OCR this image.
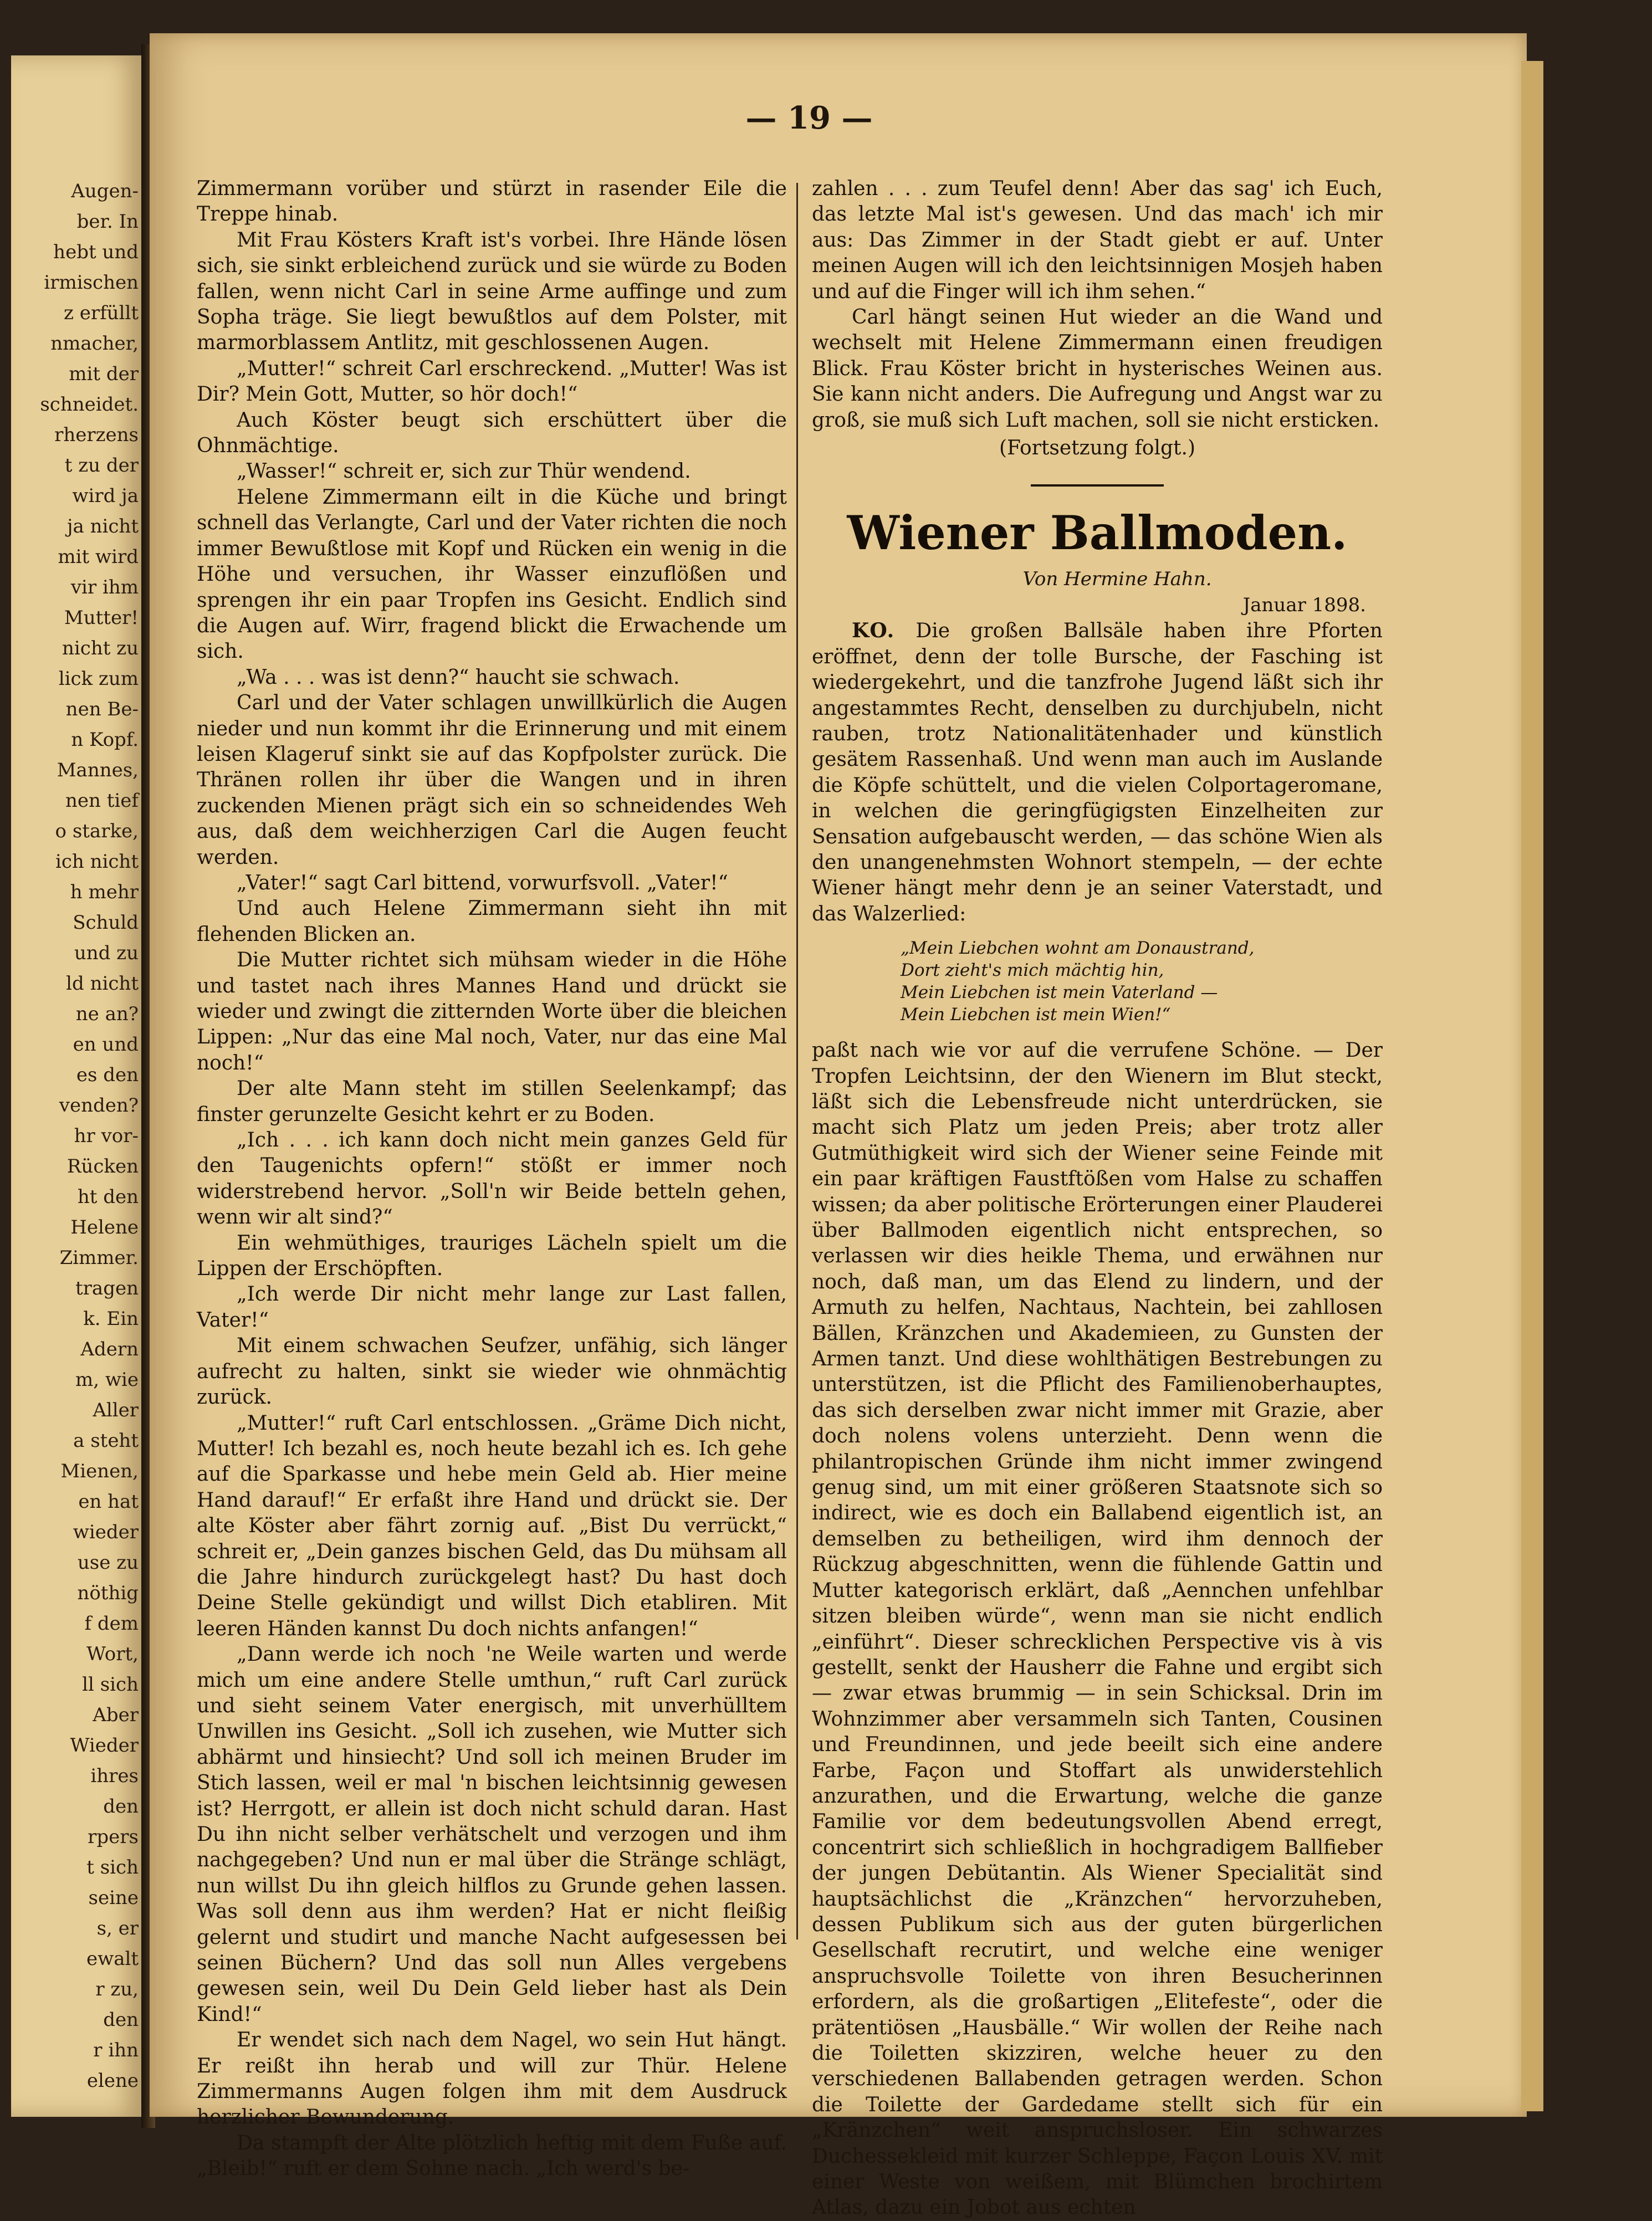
Augen-
ber. In
hebt und
irmischen
z erfüllt
nmacher,
mit der
schneidet.
rherzens
t zu der
wird ja
ja nicht
mit wird
vir ihm
Mutter!
nicht zu
lick zum
nen Be-
n Kopf.
Mannes,
nen tief
o starke,
ich nicht
h mehr
Schuld
und zu
ld nicht
ne an?
en und
es den
venden?
hr vor-
Rücken
ht den
Helene
Zimmer.
tragen
k. Ein
Adern
m, wie
Aller
a steht
Mienen,
en hat
wieder
use zu
nöthig
f dem
Wort,
ll sich
Aber
Wieder
ihres
den
rpers
t sich
seine
s, er
ewalt
r zu,
den
r ihn
elene
— 19 —

Zimmermann vorüber und stürzt in rasender Eile die Treppe hinab.

Mit Frau Kösters Kraft ist's vorbei. Ihre Hände lösen sich, sie sinkt erbleichend zurück und sie würde zu Boden fallen, wenn nicht Carl in seine Arme auffinge und zum Sopha träge. Sie liegt bewußtlos auf dem Polster, mit marmorblassem Antlitz, mit geschlossenen Augen.

„Mutter!“ schreit Carl erschreckend. „Mutter! Was ist Dir? Mein Gott, Mutter, so hör doch!“

Auch Köster beugt sich erschüttert über die Ohnmächtige.

„Wasser!“ schreit er, sich zur Thür wendend.

Helene Zimmermann eilt in die Küche und bringt schnell das Verlangte, Carl und der Vater richten die noch immer Bewußtlose mit Kopf und Rücken ein wenig in die Höhe und versuchen, ihr Wasser einzuflößen und sprengen ihr ein paar Tropfen ins Gesicht. Endlich sind die Augen auf. Wirr, fragend blickt die Erwachende um sich.

„Wa . . . was ist denn?“ haucht sie schwach.

Carl und der Vater schlagen unwillkürlich die Augen nieder und nun kommt ihr die Erinnerung und mit einem leisen Klageruf sinkt sie auf das Kopfpolster zurück. Die Thränen rollen ihr über die Wangen und in ihren zuckenden Mienen prägt sich ein so schneidendes Weh aus, daß dem weichherzigen Carl die Augen feucht werden.

„Vater!“ sagt Carl bittend, vorwurfsvoll. „Vater!“

Und auch Helene Zimmermann sieht ihn mit flehenden Blicken an.

Die Mutter richtet sich mühsam wieder in die Höhe und tastet nach ihres Mannes Hand und drückt sie wieder und zwingt die zitternden Worte über die bleichen Lippen: „Nur das eine Mal noch, Vater, nur das eine Mal noch!“

Der alte Mann steht im stillen Seelenkampf; das finster gerunzelte Gesicht kehrt er zu Boden.

„Ich . . . ich kann doch nicht mein ganzes Geld für den Taugenichts opfern!“ stößt er immer noch widerstrebend hervor. „Soll'n wir Beide betteln gehen, wenn wir alt sind?“

Ein wehmüthiges, trauriges Lächeln spielt um die Lippen der Erschöpften.

„Ich werde Dir nicht mehr lange zur Last fallen, Vater!“

Mit einem schwachen Seufzer, unfähig, sich länger aufrecht zu halten, sinkt sie wieder wie ohnmächtig zurück.

„Mutter!“ ruft Carl entschlossen. „Gräme Dich nicht, Mutter! Ich bezahl es, noch heute bezahl ich es. Ich gehe auf die Sparkasse und hebe mein Geld ab. Hier meine Hand darauf!“ Er erfaßt ihre Hand und drückt sie. Der alte Köster aber fährt zornig auf. „Bist Du verrückt,“ schreit er, „Dein ganzes bischen Geld, das Du mühsam all die Jahre hindurch zurückgelegt hast? Du hast doch Deine Stelle gekündigt und willst Dich etabliren. Mit leeren Händen kannst Du doch nichts anfangen!“

„Dann werde ich noch 'ne Weile warten und werde mich um eine andere Stelle umthun,“ ruft Carl zurück und sieht seinem Vater energisch, mit unverhülltem Unwillen ins Gesicht. „Soll ich zusehen, wie Mutter sich abhärmt und hinsiecht? Und soll ich meinen Bruder im Stich lassen, weil er mal 'n bischen leichtsinnig gewesen ist? Herrgott, er allein ist doch nicht schuld daran. Hast Du ihn nicht selber verhätschelt und verzogen und ihm nachgegeben? Und nun er mal über die Stränge schlägt, nun willst Du ihn gleich hilflos zu Grunde gehen lassen. Was soll denn aus ihm werden? Hat er nicht fleißig gelernt und studirt und manche Nacht aufgesessen bei seinen Büchern? Und das soll nun Alles vergebens gewesen sein, weil Du Dein Geld lieber hast als Dein Kind!“

Er wendet sich nach dem Nagel, wo sein Hut hängt. Er reißt ihn herab und will zur Thür. Helene Zimmermanns Augen folgen ihm mit dem Ausdruck herzlicher Bewunderung.

Da stampft der Alte plötzlich heftig mit dem Fuße auf. „Bleib!“ ruft er dem Sohne nach. „Ich werd's be-

zahlen . . . zum Teufel denn! Aber das sag' ich Euch, das letzte Mal ist's gewesen. Und das mach' ich mir aus: Das Zimmer in der Stadt giebt er auf. Unter meinen Augen will ich den leichtsinnigen Mosjeh haben und auf die Finger will ich ihm sehen.“

Carl hängt seinen Hut wieder an die Wand und wechselt mit Helene Zimmermann einen freudigen Blick. Frau Köster bricht in hysterisches Weinen aus. Sie kann nicht anders. Die Aufregung und Angst war zu groß, sie muß sich Luft machen, soll sie nicht ersticken.

(Fortsetzung folgt.)

Wiener Ballmoden.

Von Hermine Hahn.

Januar 1898.

KO. Die großen Ballsäle haben ihre Pforten eröffnet, denn der tolle Bursche, der Fasching ist wiedergekehrt, und die tanzfrohe Jugend läßt sich ihr angestammtes Recht, denselben zu durchjubeln, nicht rauben, trotz Nationalitätenhader und künstlich gesätem Rassenhaß. Und wenn man auch im Auslande die Köpfe schüttelt, und die vielen Colportageromane, in welchen die geringfügigsten Einzelheiten zur Sensation aufgebauscht werden, — das schöne Wien als den unangenehmsten Wohnort stempeln, — der echte Wiener hängt mehr denn je an seiner Vaterstadt, und das Walzerlied:

„Mein Liebchen wohnt am Donaustrand,
Dort zieht's mich mächtig hin,
Mein Liebchen ist mein Vaterland —
Mein Liebchen ist mein Wien!“

paßt nach wie vor auf die verrufene Schöne. — Der Tropfen Leichtsinn, der den Wienern im Blut steckt, läßt sich die Lebensfreude nicht unterdrücken, sie macht sich Platz um jeden Preis; aber trotz aller Gutmüthigkeit wird sich der Wiener seine Feinde mit ein paar kräftigen Faustftößen vom Halse zu schaffen wissen; da aber politische Erörterungen einer Plauderei über Ballmoden eigentlich nicht entsprechen, so verlassen wir dies heikle Thema, und erwähnen nur noch, daß man, um das Elend zu lindern, und der Armuth zu helfen, Nachtaus, Nachtein, bei zahllosen Bällen, Kränzchen und Akademieen, zu Gunsten der Armen tanzt. Und diese wohlthätigen Bestrebungen zu unterstützen, ist die Pflicht des Familienoberhauptes, das sich derselben zwar nicht immer mit Grazie, aber doch nolens volens unterzieht. Denn wenn die philantropischen Gründe ihm nicht immer zwingend genug sind, um mit einer größeren Staatsnote sich so indirect, wie es doch ein Ballabend eigentlich ist, an demselben zu betheiligen, wird ihm dennoch der Rückzug abgeschnitten, wenn die fühlende Gattin und Mutter kategorisch erklärt, daß „Aennchen unfehlbar sitzen bleiben würde“, wenn man sie nicht endlich „einführt“. Dieser schrecklichen Perspective vis à vis gestellt, senkt der Hausherr die Fahne und ergibt sich — zwar etwas brummig — in sein Schicksal. Drin im Wohnzimmer aber versammeln sich Tanten, Cousinen und Freundinnen, und jede beeilt sich eine andere Farbe, Façon und Stoffart als unwiderstehlich anzurathen, und die Erwartung, welche die ganze Familie vor dem bedeutungsvollen Abend erregt, concentrirt sich schließlich in hochgradigem Ballfieber der jungen Debütantin. Als Wiener Specialität sind hauptsächlichst die „Kränzchen“ hervorzuheben, dessen Publikum sich aus der guten bürgerlichen Gesellschaft recrutirt, und welche eine weniger anspruchsvolle Toilette von ihren Besucherinnen erfordern, als die großartigen „Elitefeste“, oder die prätentiösen „Hausbälle.“ Wir wollen der Reihe nach die Toiletten skizziren, welche heuer zu den verschiedenen Ballabenden getragen werden. Schon die Toilette der Gardedame stellt sich für ein „Kränzchen“ weit anspruchsloser. Ein schwarzes Duchessekleid mit kurzer Schleppe, Façon Louis XV. mit einer Weste von weißem, mit Blümchen brochirtem Atlas, dazu ein Jobot aus echten
